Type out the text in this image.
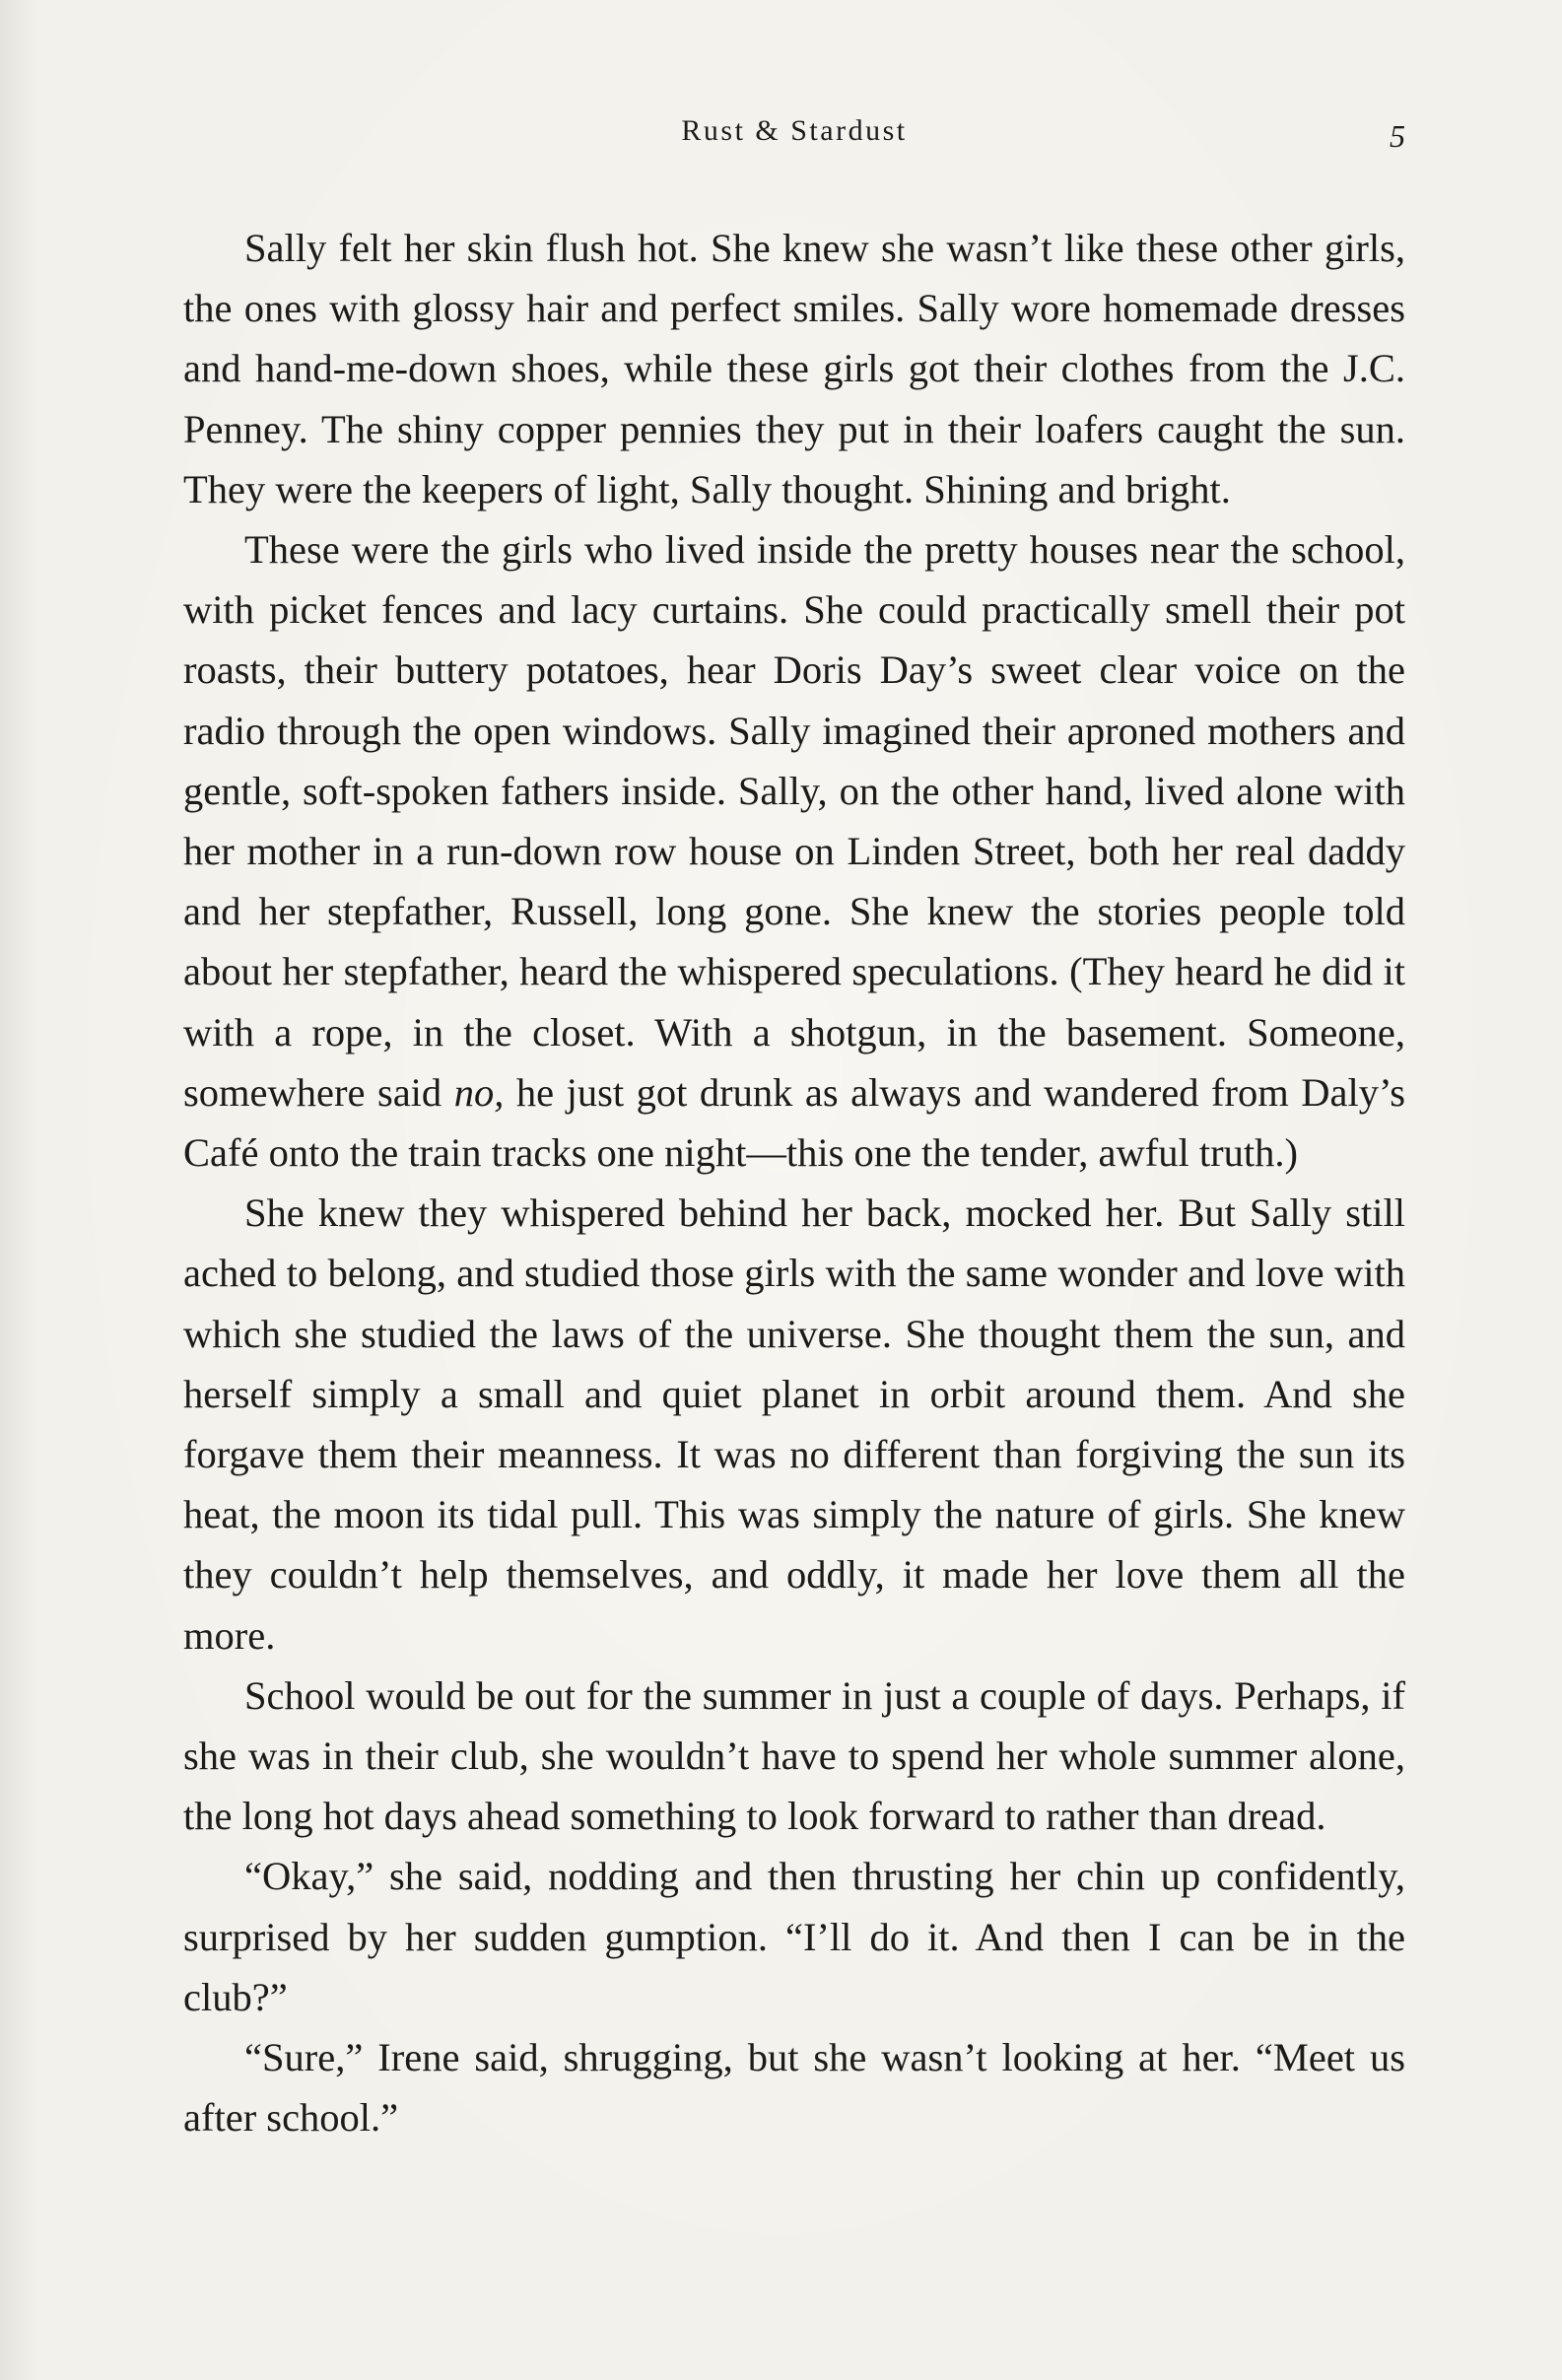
Rust & Stardust	5

Sally felt her skin flush hot. She knew she wasn’t like these other girls, the ones with glossy hair and perfect smiles. Sally wore homemade dresses and hand-me-down shoes, while these girls got their clothes from the J.C. Penney. The shiny copper pennies they put in their loafers caught the sun. They were the keepers of light, Sally thought. Shining and bright.

These were the girls who lived inside the pretty houses near the school, with picket fences and lacy curtains. She could practically smell their pot roasts, their buttery potatoes, hear Doris Day’s sweet clear voice on the radio through the open windows. Sally imagined their aproned mothers and gentle, soft-spoken fathers inside. Sally, on the other hand, lived alone with her mother in a run-down row house on Linden Street, both her real daddy and her stepfather, Russell, long gone. She knew the stories people told about her stepfather, heard the whispered speculations. (They heard he did it with a rope, in the closet. With a shotgun, in the basement. Someone, somewhere said no, he just got drunk as always and wandered from Daly’s Café onto the train tracks one night—this one the tender, awful truth.)

She knew they whispered behind her back, mocked her. But Sally still ached to belong, and studied those girls with the same wonder and love with which she studied the laws of the universe. She thought them the sun, and herself simply a small and quiet planet in orbit around them. And she forgave them their meanness. It was no different than forgiving the sun its heat, the moon its tidal pull. This was simply the nature of girls. She knew they couldn’t help themselves, and oddly, it made her love them all the more.

School would be out for the summer in just a couple of days. Perhaps, if she was in their club, she wouldn’t have to spend her whole summer alone, the long hot days ahead something to look forward to rather than dread.

“Okay,” she said, nodding and then thrusting her chin up confidently, surprised by her sudden gumption. “I’ll do it. And then I can be in the club?”

“Sure,” Irene said, shrugging, but she wasn’t looking at her. “Meet us after school.”
